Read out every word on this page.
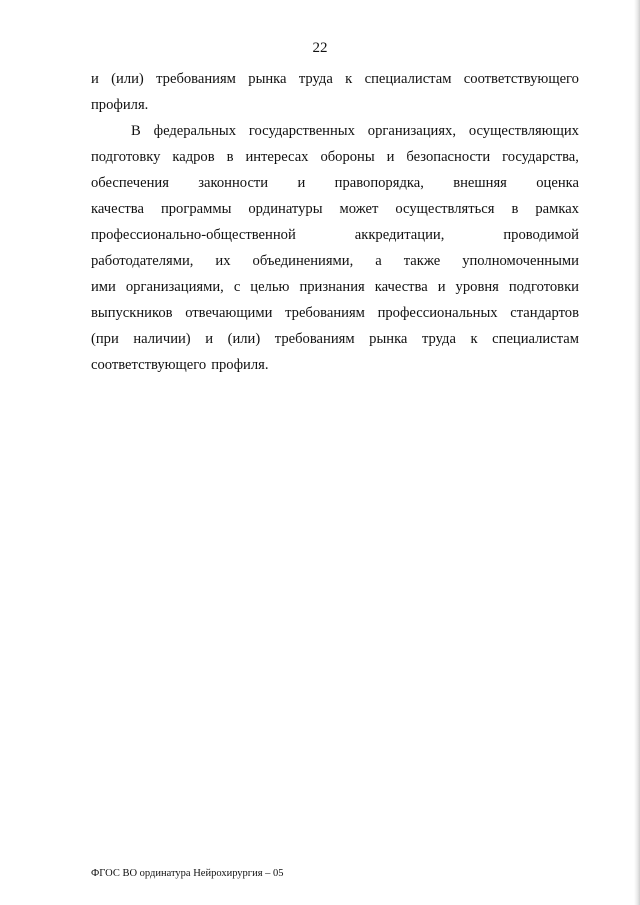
22
и (или) требованиям рынка труда к специалистам соответствующего
профиля.
В федеральных государственных организациях, осуществляющих
подготовку кадров в интересах обороны и безопасности государства,
обеспечения законности и правопорядка, внешняя оценка
качества программы ординатуры может осуществляться в рамках
профессионально-общественной	аккредитации,	проводимой
работодателями, их объединениями, а также уполномоченными
ими организациями, с целью признания качества и уровня подготовки
выпускников отвечающими требованиям профессиональных стандартов
(при наличии) и (или) требованиям рынка труда к специалистам
соответствующего профиля.
ФГОС ВО ординатура Нейрохирургия – 05
